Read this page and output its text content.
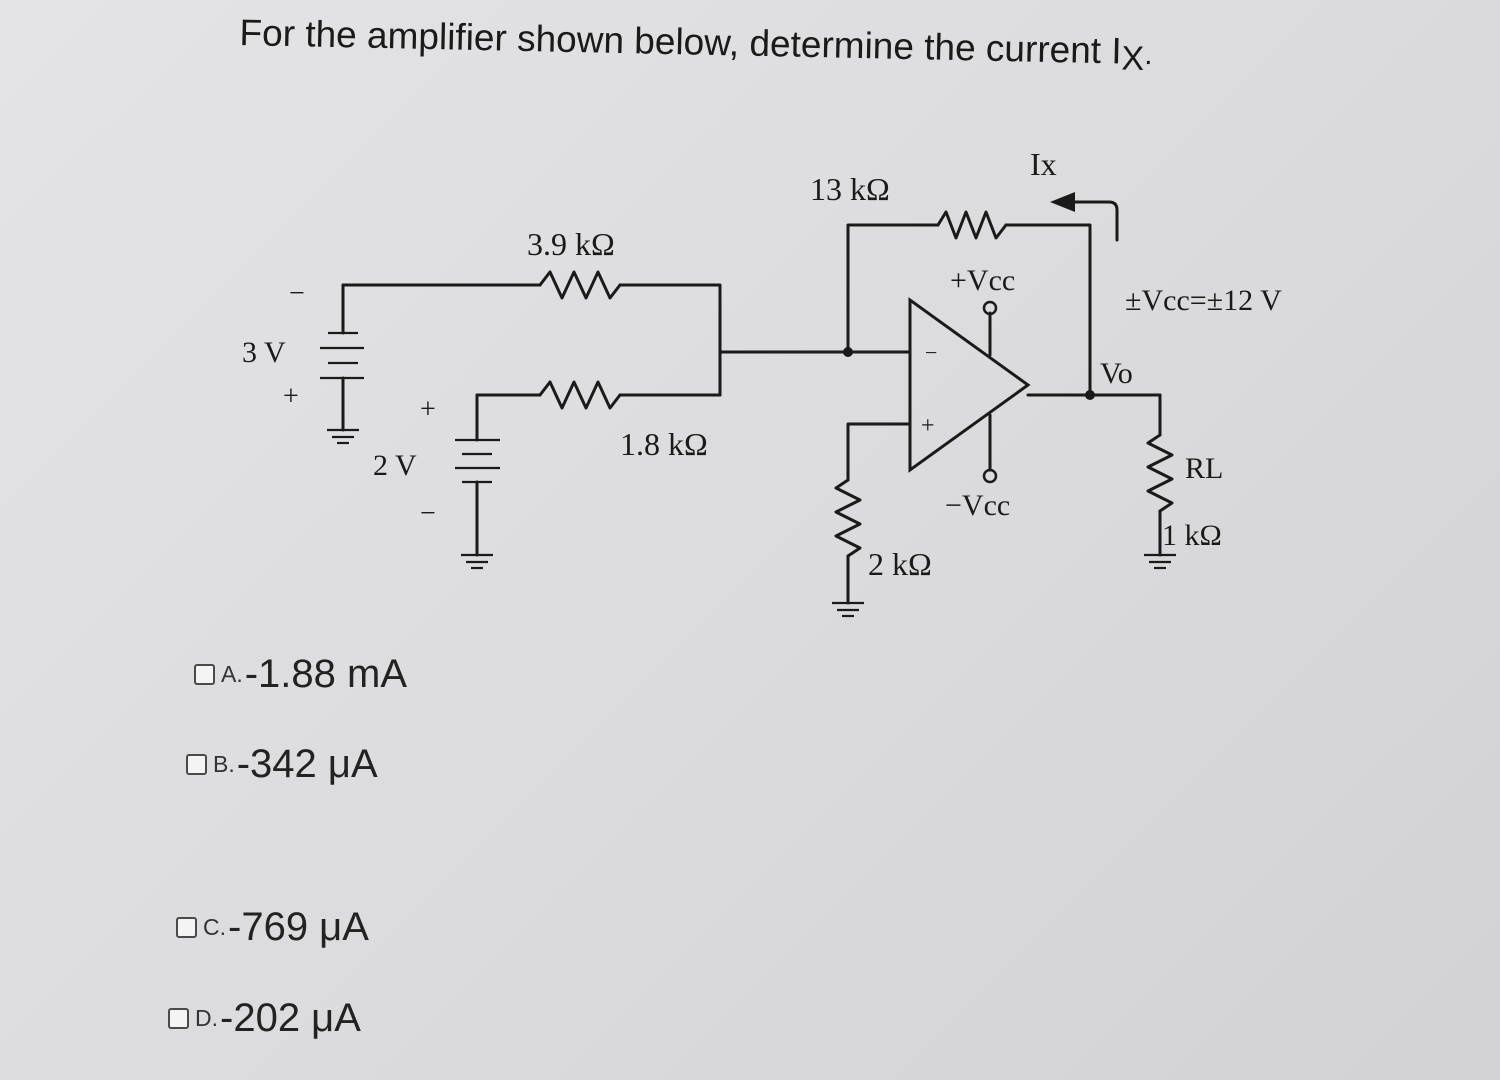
For the amplifier shown below, determine the current IX.
−
3 V
+
3.9 kΩ
+
2 V
−
1.8 kΩ
13 kΩ
Ix
−
+
+Vcc
−Vcc
2 kΩ
±Vcc=±12 V
Vo
RL
1 kΩ
A. -1.88 mA
B. -342 μA
C. -769 μA
D. -202 μA
